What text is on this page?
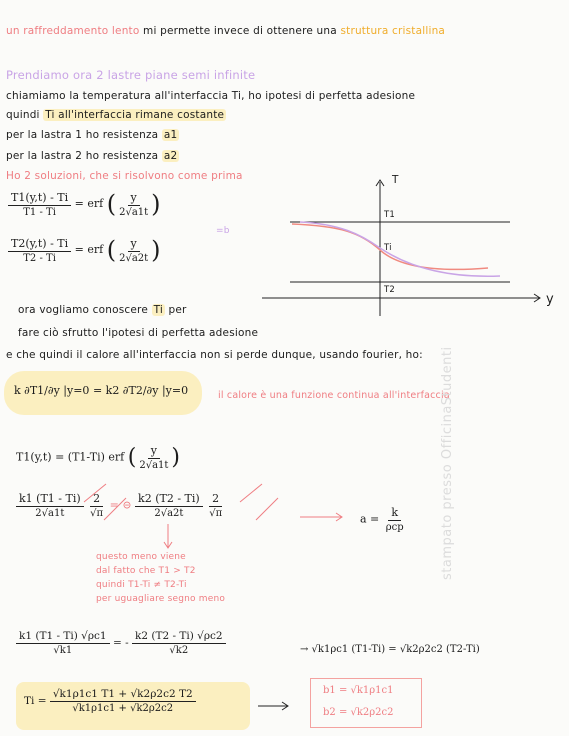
un raffreddamento lento mi permette invece di ottenere una struttura cristallina
Prendiamo ora 2 lastre piane semi infinite
chiamiamo la temperatura all'interfaccia Ti, ho ipotesi di perfetta adesione
quindi Ti all'interfaccia rimane costante
per la lastra 1 ho resistenza a1
per la lastra 2 ho resistenza a2
Ho 2 soluzioni, che si risolvono come prima
$\frac{T1(y,t) - Ti}{T1 - Ti}$ = erf ( $\frac{y}{2√a1t}$ )
$\frac{T2(y,t) - Ti}{T2 - Ti}$ = erf ( $\frac{y}{2√a2t}$ )
=b
T
y
T1
Ti
T2
ora vogliamo conoscere Ti per
fare ciò sfrutto l'ipotesi di perfetta adesione
e che quindi il calore all'interfaccia non si perde dunque, usando fourier, ho:
k ∂T1/∂y |y=0 = k2 ∂T2/∂y |y=0	il calore è una funzione continua all'interfaccia
T1(y,t) = (T1-Ti) erf ( $\frac{y}{2√a1t}$ )
$\frac{k1 (T1 - Ti)}{2√a1t}$
$\frac{2}{√\pi}$ = ⊝ $\frac{k2 (T2 - Ti)}{2√a2t}$
$\frac{2}{√\pi}$	$a = \frac{k}{\text{ρcp}}$
questo meno viene
dal fatto che T1 > T2
quindi T1-Ti ≠ T2-Ti
per uguagliare segno meno
$\frac{k1 (T1 - Ti) √\rho c1}{√k1}$ = - $\frac{k2 (T2 - Ti) √\rho c2}{√k2}$	→ √k1ρc1 (T1-Ti) = √k2ρ2c2 (T2-Ti)
$Ti = \frac{√k1\rho 1c1 T1 + √k2\rho 2c2 T2}{√k1\rho 1c1 + √k2\rho 2c2}$	b1 = √k1ρ1c1
b2 = √k2ρ2c2
stampato presso OfficinaStudenti
